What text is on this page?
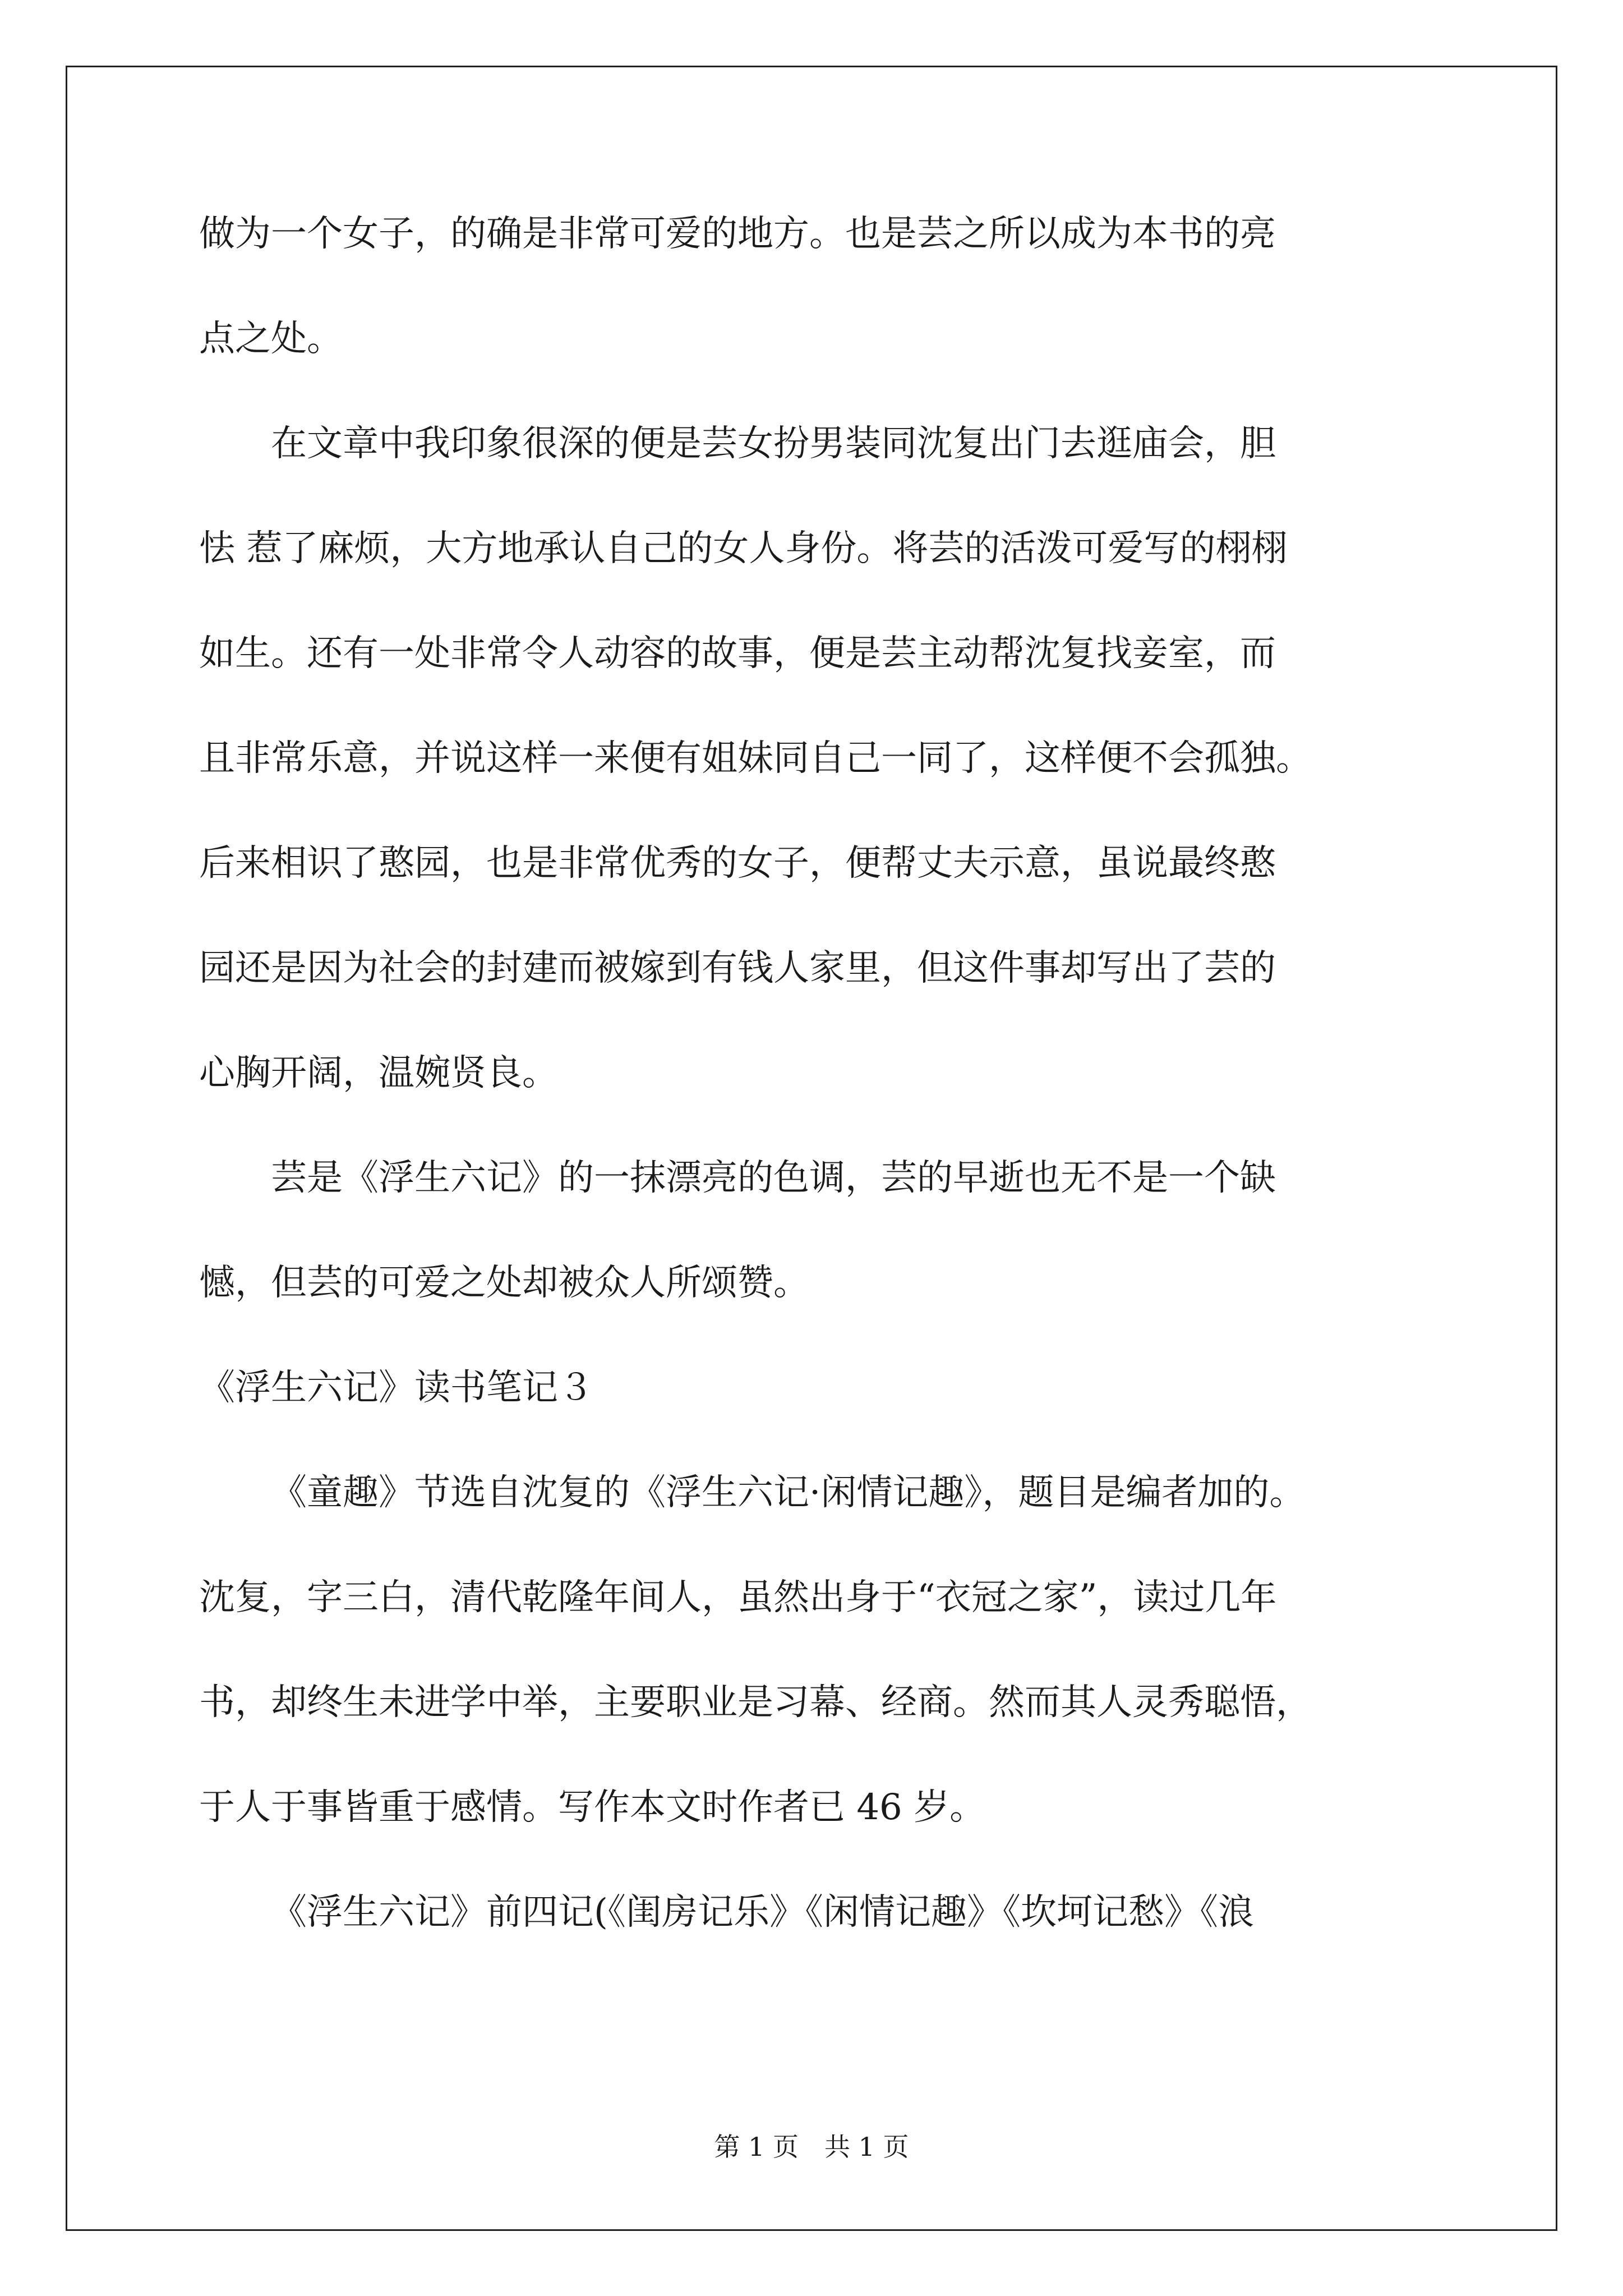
做为一个女子，的确是非常可爱的地方。也是芸之所以成为本书的亮
点之处。
在文章中我印象很深的便是芸女扮男装同沈复出门去逛庙会，胆
怯 惹了麻烦，大方地承认自己的女人身份。将芸的活泼可爱写的栩栩
如生。还有一处非常令人动容的故事，便是芸主动帮沈复找妾室，而
且非常乐意，并说这样一来便有姐妹同自己一同了，这样便不会孤独。
后来相识了憨园，也是非常优秀的女子，便帮丈夫示意，虽说最终憨
园还是因为社会的封建而被嫁到有钱人家里，但这件事却写出了芸的
心胸开阔，温婉贤良。
芸是《浮生六记》的一抹漂亮的色调，芸的早逝也无不是一个缺
憾，但芸的可爱之处却被众人所颂赞。
《浮生六记》读书笔记３
《童趣》节选自沈复的《浮生六记·闲情记趣》，题目是编者加的。
沈复，字三白，清代乾隆年间人，虽然出身于“衣冠之家”，读过几年
书，却终生未进学中举，主要职业是习幕、经商。然而其人灵秀聪悟，
于人于事皆重于感情。写作本文时作者已 46 岁。
《浮生六记》前四记(《闺房记乐》《闲情记趣》《坎坷记愁》《浪
第 1 页　共 1 页
